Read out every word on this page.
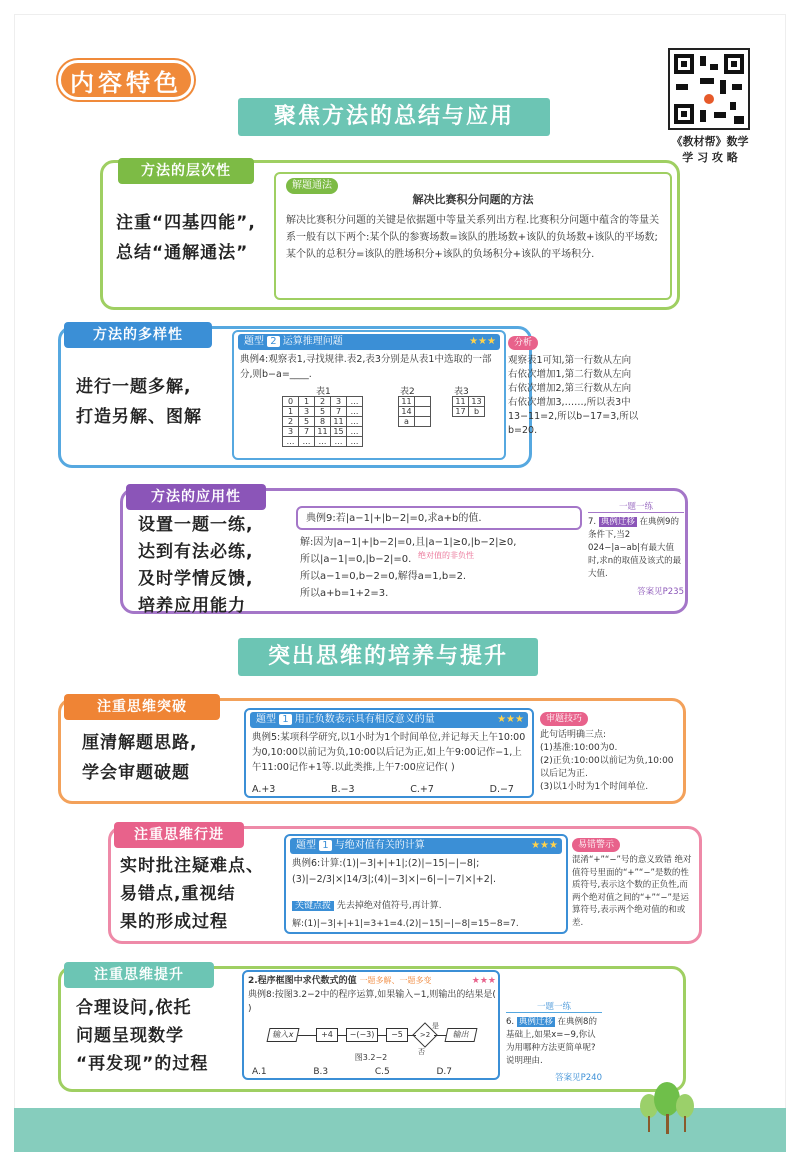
内容特色
《教材帮》数学
学 习 攻 略
聚焦方法的总结与应用
方法的层次性
注重“四基四能”,
总结“通解通法”
解题通法
解决比赛积分问题的方法
解决比赛积分问题的关键是依据题中等量关系列出方程.比赛积分问题中蕴含的等量关系一般有以下两个:某个队的参赛场数=该队的胜场数+该队的负场数+该队的平场数;某个队的总积分=该队的胜场积分+该队的负场积分+该队的平场积分.
方法的多样性
进行一题多解,
打造另解、图解
题型 2 运算推理问题	★★★
典例4:观察表1,寻找规律.表2,表3分别是从表1中选取的一部分,则b−a=____.
表1	表2	表3
0	1	2	3	…
1	3	5	7	…
2	5	8	11	…
3	7	11	15	…
…	…	…	…	…
11	
14	
a	
11	13
17	b
分析
观察表1可知,第一行数从左向右依次增加1,第二行数从左向右依次增加2,第三行数从左向右依次增加3,……,所以表3中13−11=2,所以b−17=3,所以b=20.
方法的应用性
设置一题一练,
达到有法必练,
及时学情反馈,
培养应用能力
典例9:若|a−1|+|b−2|=0,求a+b的值.
解:因为|a−1|+|b−2|=0,且|a−1|≥0,|b−2|≥0,
所以|a−1|=0,|b−2|=0.
所以a−1=0,b−2=0,解得a=1,b=2.
所以a+b=1+2=3.
绝对值的非负性
一题一练
7. 典例迁移 在典例9的条件下,当2 024−|a−ab|有最大值时,求n的取值及该式的最大值.
答案见P235
突出思维的培养与提升
注重思维突破
厘清解题思路,
学会审题破题
题型 1 用正负数表示具有相反意义的量	★★★
典例5:某项科学研究,以1小时为1个时间单位,并记每天上午10:00为0,10:00以前记为负,10:00以后记为正,如上午9:00记作−1,上午11:00记作+1等.以此类推,上午7:00应记作( )
A.+3	B.−3	C.+7	D.−7
审题技巧
此句话明确三点:
(1)基准:10:00为0.
(2)正负:10:00以前记为负,10:00以后记为正.
(3)以1小时为1个时间单位.
注重思维行进
实时批注疑难点、
易错点,重视结
果的形成过程
题型 1 与绝对值有关的计算	★★★
典例6:计算:(1)|−3|+|+1|;(2)|−15|−|−8|;
(3)|−2/3|×|14/3|;(4)|−3|×|−6|−|−7|×|+2|.
关键点拨 先去掉绝对值符号,再计算.
解:(1)|−3|+|+1|=3+1=4.(2)|−15|−|−8|=15−8=7.
易错警示
混淆“+”“−”号的意义致错 绝对值符号里面的“+”“−”是数的性质符号,表示这个数的正负性,而两个绝对值之间的“+”“−”是运算符号,表示两个绝对值的和或差.
注重思维提升
合理设问,依托
问题呈现数学
“再发现”的过程
2.程序框图中求代数式的值 一题多解、一题多变	★★★
典例8:按图3.2−2中的程序运算,如果输入−1,则输出的结果是( )
输入x	+4	−(−3)	−5	>2
是
否
输出
图3.2−2
A.1	B.3	C.5	D.7
一题一练
6. 典例迁移 在典例8的基础上,如果x=−9,你认为用哪种方法更简单呢?说明理由.
答案见P240
